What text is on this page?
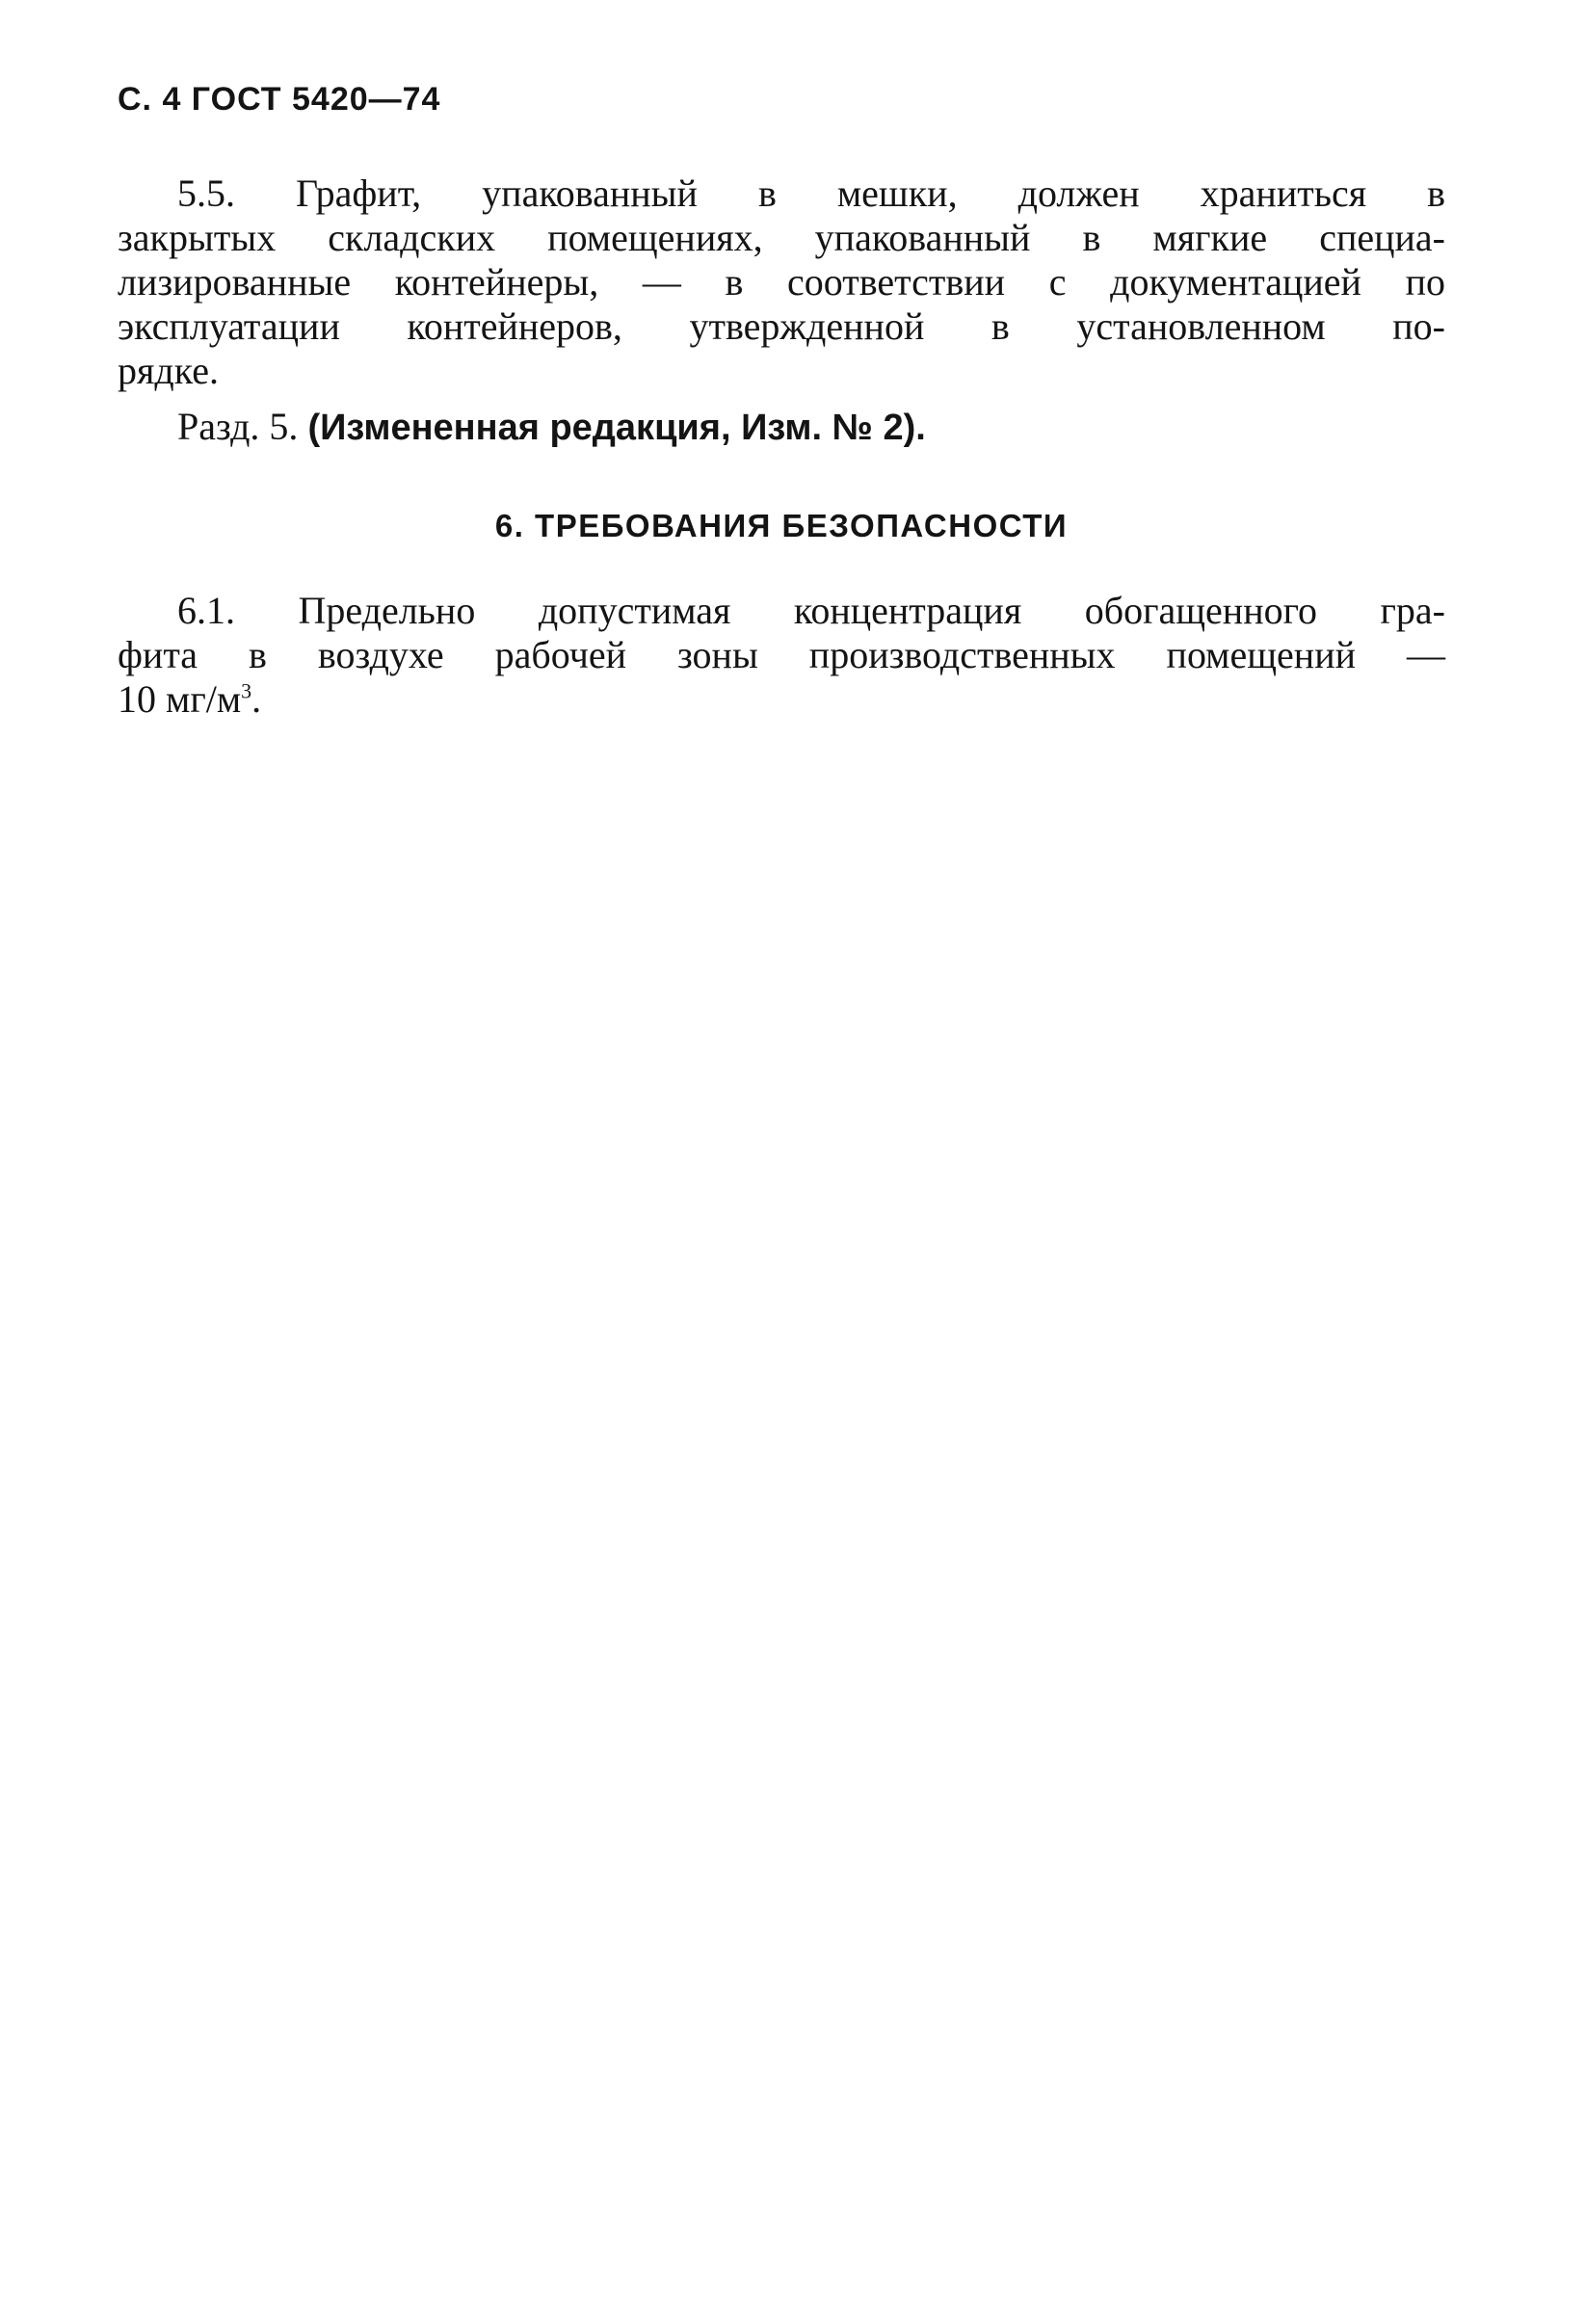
С. 4 ГОСТ 5420—74
5.5. Графит, упакованный в мешки, должен храниться в
закрытых складских помещениях, упакованный в мягкие специа-
лизированные контейнеры, — в соответствии с документацией по
эксплуатации контейнеров, утвержденной в установленном по-
рядке.
Разд. 5. (Измененная редакция, Изм. № 2).
6. ТРЕБОВАНИЯ БЕЗОПАСНОСТИ
6.1. Предельно допустимая концентрация обогащенного гра-
фита в воздухе рабочей зоны производственных помещений —
10 $мг/м^3$.
